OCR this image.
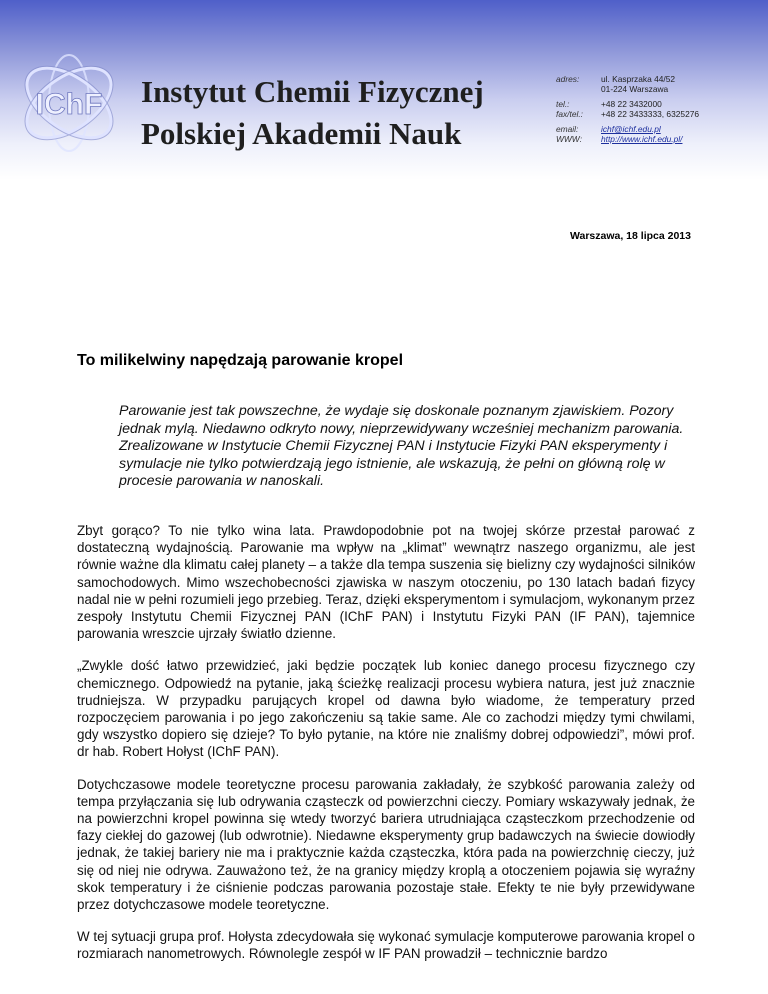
IChF Instytut Chemii Fizycznej
Polskiej Akademii Nauk
adres:	ul. Kasprzaka 44/52
	01-224 Warszawa
tel.:	+48 22 3432000
fax/tel.:	+48 22 3433333, 6325276
email:	ichf@ichf.edu.pl
WWW:	http://www.ichf.edu.pl/
Warszawa, 18 lipca 2013
To milikelwiny napędzają parowanie kropel

Parowanie jest tak powszechne, że wydaje się doskonale poznanym zjawiskiem. Pozory jednak mylą. Niedawno odkryto nowy, nieprzewidywany wcześniej mechanizm parowania. Zrealizowane w Instytucie Chemii Fizycznej PAN i Instytucie Fizyki PAN eksperymenty i symulacje nie tylko potwierdzają jego istnienie, ale wskazują, że pełni on główną rolę w procesie parowania w nanoskali.

Zbyt gorąco? To nie tylko wina lata. Prawdopodobnie pot na twojej skórze przestał parować z dostateczną wydajnością. Parowanie ma wpływ na „klimat” wewnątrz naszego organizmu, ale jest równie ważne dla klimatu całej planety – a także dla tempa suszenia się bielizny czy wydajności silników samochodowych. Mimo wszechobecności zjawiska w naszym otoczeniu, po 130 latach badań fizycy nadal nie w pełni rozumieli jego przebieg. Teraz, dzięki eksperymentom i symulacjom, wykonanym przez zespoły Instytutu Chemii Fizycznej PAN (IChF PAN) i Instytutu Fizyki PAN (IF PAN), tajemnice parowania wreszcie ujrzały światło dzienne.

„Zwykle dość łatwo przewidzieć, jaki będzie początek lub koniec danego procesu fizycznego czy chemicznego. Odpowiedź na pytanie, jaką ścieżkę realizacji procesu wybiera natura, jest już znacznie trudniejsza. W przypadku parujących kropel od dawna było wiadome, że temperatury przed rozpoczęciem parowania i po jego zakończeniu są takie same. Ale co zachodzi między tymi chwilami, gdy wszystko dopiero się dzieje? To było pytanie, na które nie znaliśmy dobrej odpowiedzi”, mówi prof. dr hab. Robert Hołyst (IChF PAN).

Dotychczasowe modele teoretyczne procesu parowania zakładały, że szybkość parowania zależy od tempa przyłączania się lub odrywania cząsteczk od powierzchni cieczy. Pomiary wskazywały jednak, że na powierzchni kropel powinna się wtedy tworzyć bariera utrudniająca cząsteczkom przechodzenie od fazy ciekłej do gazowej (lub odwrotnie). Niedawne eksperymenty grup badawczych na świecie dowiodły jednak, że takiej bariery nie ma i praktycznie każda cząsteczka, która pada na powierzchnię cieczy, już się od niej nie odrywa. Zauważono też, że na granicy między kroplą a otoczeniem pojawia się wyraźny skok temperatury i że ciśnienie podczas parowania pozostaje stałe. Efekty te nie były przewidywane przez dotychczasowe modele teoretyczne.

W tej sytuacji grupa prof. Hołysta zdecydowała się wykonać symulacje komputerowe parowania kropel o rozmiarach nanometrowych. Równolegle zespół w IF PAN prowadził – technicznie bardzo
